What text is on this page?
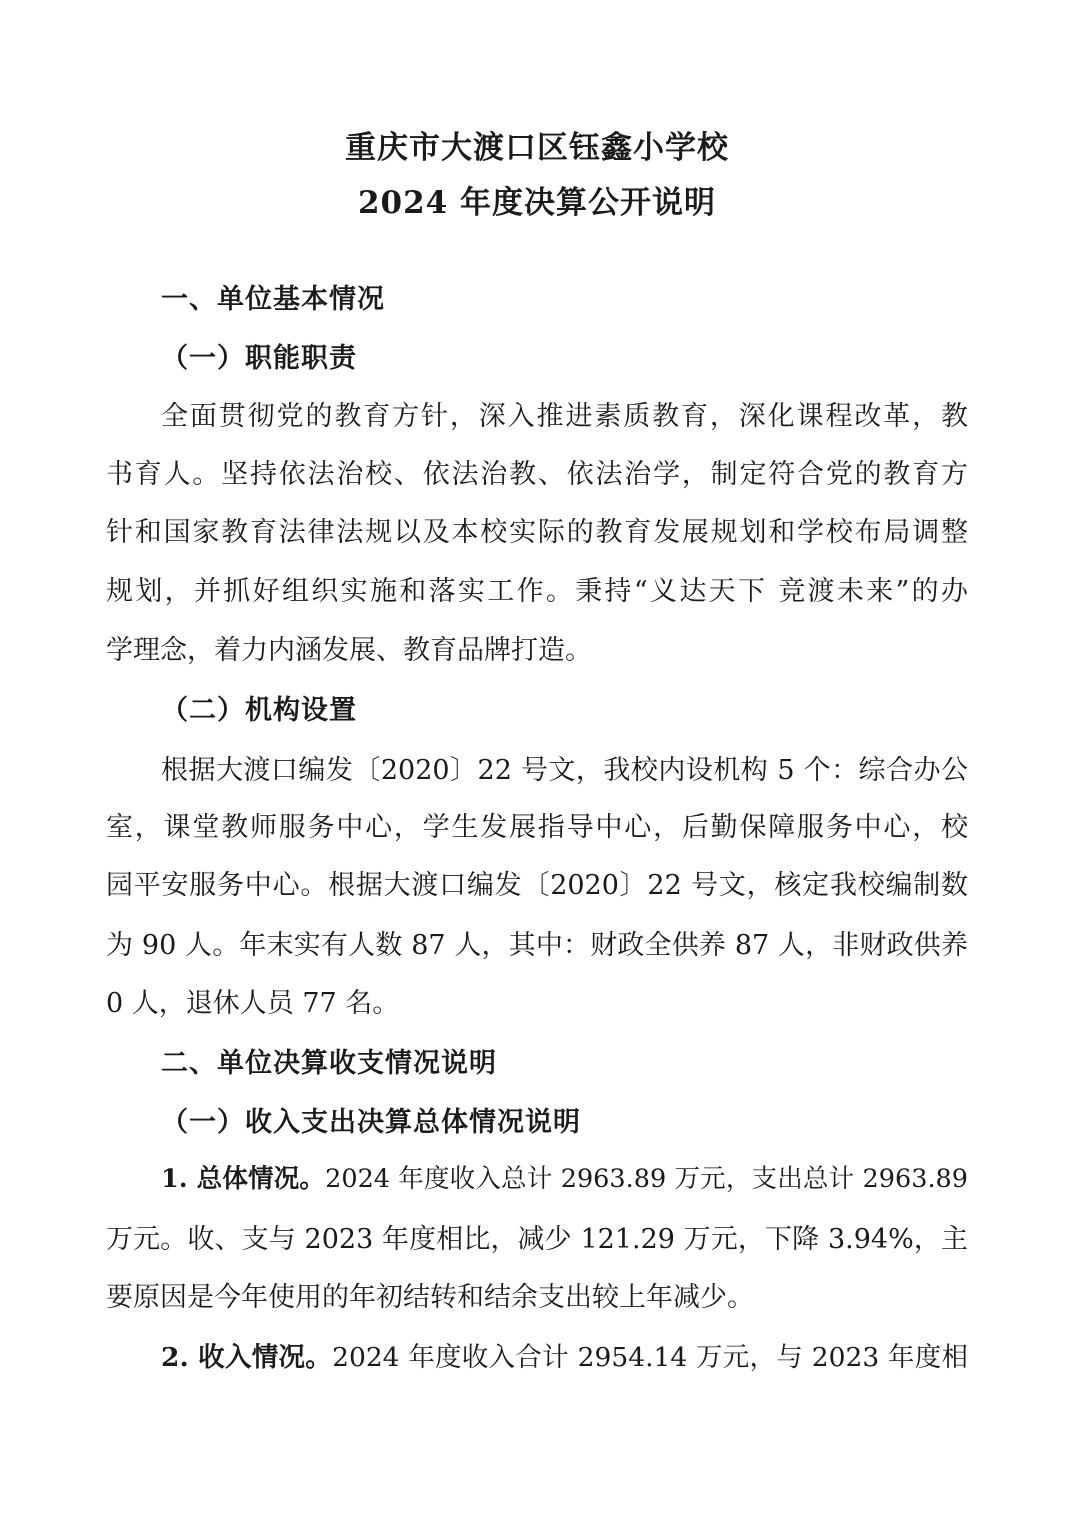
重庆市大渡口区钰鑫小学校
2024 年度决算公开说明
一、单位基本情况
（一）职能职责
全面贯彻党的教育方针，深入推进素质教育，深化课程改革，教
书育人。坚持依法治校、依法治教、依法治学，制定符合党的教育方
针和国家教育法律法规以及本校实际的教育发展规划和学校布局调整
规划，并抓好组织实施和落实工作。秉持“义达天下 竞渡未来”的办
学理念，着力内涵发展、教育品牌打造。
（二）机构设置
根据大渡口编发〔2020〕22 号文，我校内设机构 5 个：综合办公
室，课堂教师服务中心，学生发展指导中心，后勤保障服务中心，校
园平安服务中心。根据大渡口编发〔2020〕22 号文，核定我校编制数
为 90 人。年末实有人数 87 人，其中：财政全供养 87 人，非财政供养
0 人，退休人员 77 名。
二、单位决算收支情况说明
（一）收入支出决算总体情况说明
1. 总体情况。2024 年度收入总计 2963.89 万元，支出总计 2963.89
万元。收、支与 2023 年度相比，减少 121.29 万元，下降 3.94%，主
要原因是今年使用的年初结转和结余支出较上年减少。
2. 收入情况。2024 年度收入合计 2954.14 万元，与 2023 年度相
